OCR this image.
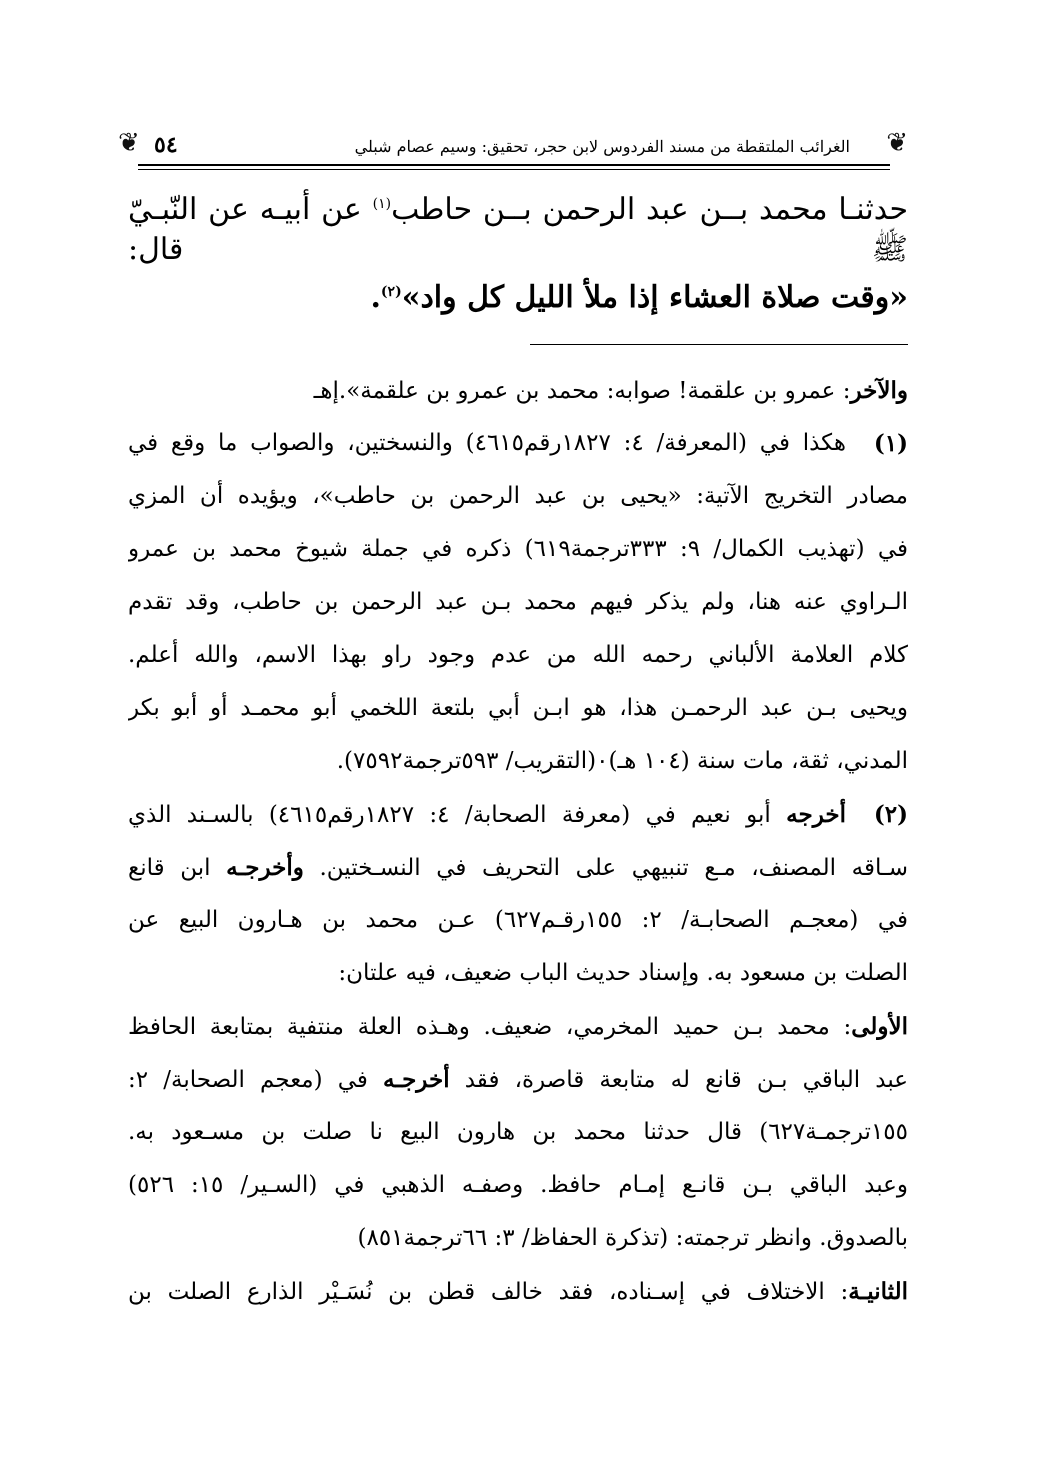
❦
الغرائب الملتقطة من مسند الفردوس لابن حجر، تحقيق: وسيم عصام شبلي
٥٤
❦
حدثنـا محمد بــن عبد الرحمن بــن حاطب$^{(١)}$ عن أبيـه عن النّبـيّ ﷺ قال:
«وقت صلاة العشاء إذا ملأ الليل كل واد»$^{(٢)}$.
والآخر: عمرو بن علقمة! صوابه: محمد بن عمرو بن علقمة».إهـ
(١)
هكذا في (المعرفة/ ٤: ١٨٢٧رقم٤٦١٥) والنسختين، والصواب ما وقع في
مصادر التخريج الآتية: «يحيى بن عبد الرحمن بن حاطب»، ويؤيده أن المزي
في (تهذيب الكمال/ ٩: ٣٣٣ترجمة٦١٩) ذكره في جملة شيوخ محمد بن عمرو
الـراوي عنه هنا، ولم يذكر فيهم محمد بـن عبد الرحمن بن حاطب، وقد تقدم
كلام العلامة الألباني رحمه الله من عدم وجود راو بهذا الاسم، والله أعلم.
ويحيى بـن عبد الرحمـن هذا، هو ابـن أبي بلتعة اللخمي أبو محمـد أو أبو بكر
المدني، ثقة، مات سنة (١٠٤ هـ)٠(التقريب/ ٥٩٣ترجمة٧٥٩٢).
(٢)
أخرجه أبو نعيم في (معرفة الصحابة/ ٤: ١٨٢٧رقم٤٦١٥) بالسـند الذي
سـاقه المصنف، مـع تنبيهي على التحريف في النسـختين. وأخرجـه ابن قانع
في (معجـم الصحابـة/ ٢: ١٥٥رقـم٦٢٧) عـن محمد بن هـارون البيع عن
الصلت بن مسعود به. وإسناد حديث الباب ضعيف، فيه علتان:
الأولى: محمد بـن حميد المخرمي، ضعيف. وهـذه العلة منتفية بمتابعة الحافظ
عبد الباقي بـن قانع له متابعة قاصرة، فقد أخرجـه في (معجم الصحابة/ ٢:
١٥٥ترجمـة٦٢٧) قال حدثنا محمد بن هارون البيع نا صلت بن مسـعود به.
وعبد الباقي بـن قانـع إمـام حافظ. وصفـه الذهبي في (السـير/ ١٥: ٥٢٦)
بالصدوق. وانظر ترجمته: (تذكرة الحفاظ/ ٣: ٦٦ترجمة٨٥١)
الثانيـة: الاختلاف في إسـناده، فقد خالف قطن بن نُسَـيْر الذارع الصلت بن
